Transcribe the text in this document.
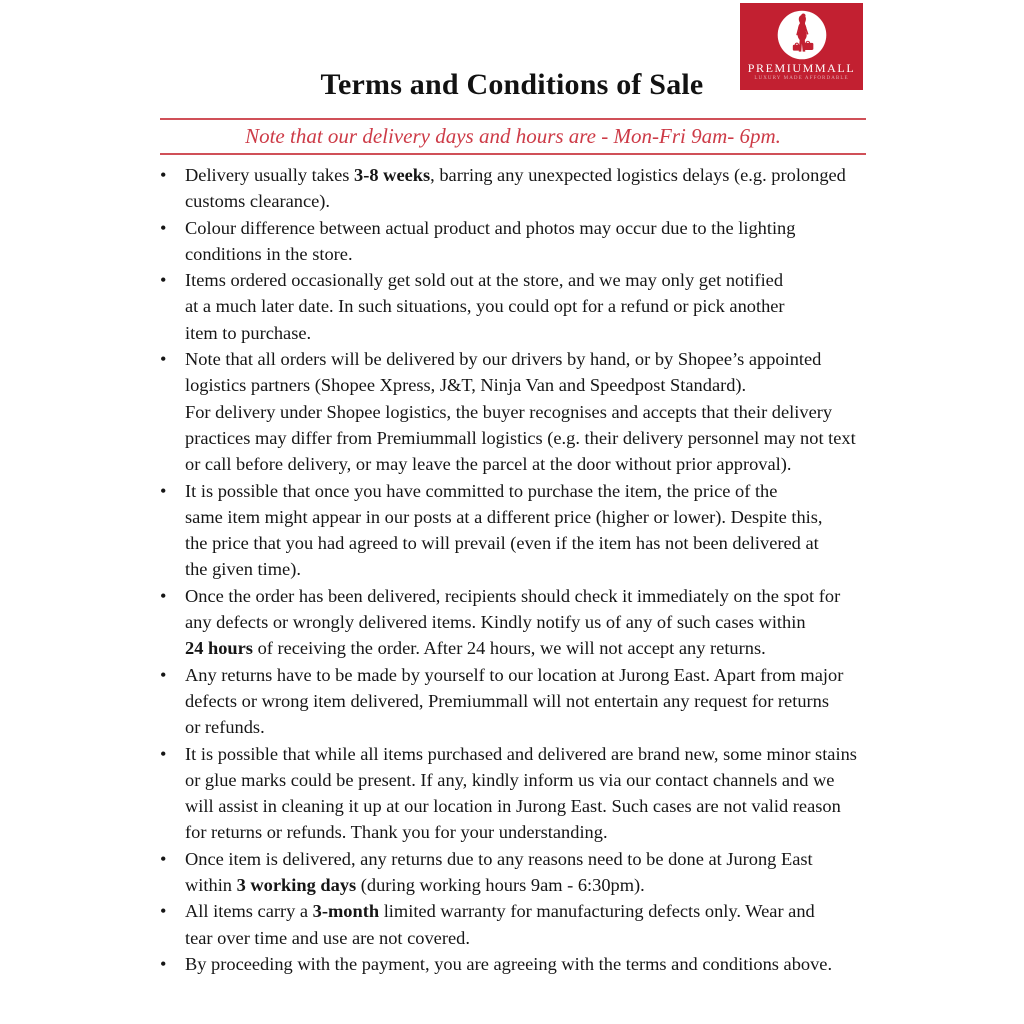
Terms and Conditions of Sale	PREMIUMMALL
LUXURY MADE AFFORDABLE
Note that our delivery days and hours are - Mon-Fri 9am- 6pm.
•	Delivery usually takes 3-8 weeks, barring any unexpected logistics delays (e.g. prolonged
customs clearance).
•	Colour difference between actual product and photos may occur due to the lighting
conditions in the store.
•	Items ordered occasionally get sold out at the store, and we may only get notified
at a much later date. In such situations, you could opt for a refund or pick another
item to purchase.
•	Note that all orders will be delivered by our drivers by hand, or by Shopee’s appointed
logistics partners (Shopee Xpress, J&T, Ninja Van and Speedpost Standard).
For delivery under Shopee logistics, the buyer recognises and accepts that their delivery
practices may differ from Premiummall logistics (e.g. their delivery personnel may not text
or call before delivery, or may leave the parcel at the door without prior approval).
•	It is possible that once you have committed to purchase the item, the price of the
same item might appear in our posts at a different price (higher or lower). Despite this,
the price that you had agreed to will prevail (even if the item has not been delivered at
the given time).
•	Once the order has been delivered, recipients should check it immediately on the spot for
any defects or wrongly delivered items. Kindly notify us of any of such cases within
24 hours of receiving the order. After 24 hours, we will not accept any returns.
•	Any returns have to be made by yourself to our location at Jurong East. Apart from major
defects or wrong item delivered, Premiummall will not entertain any request for returns
or refunds.
•	It is possible that while all items purchased and delivered are brand new, some minor stains
or glue marks could be present. If any, kindly inform us via our contact channels and we
will assist in cleaning it up at our location in Jurong East. Such cases are not valid reason
for returns or refunds. Thank you for your understanding.
•	Once item is delivered, any returns due to any reasons need to be done at Jurong East
within 3 working days (during working hours 9am - 6:30pm).
•	All items carry a 3-month limited warranty for manufacturing defects only. Wear and
tear over time and use are not covered.
•	By proceeding with the payment, you are agreeing with the terms and conditions above.
